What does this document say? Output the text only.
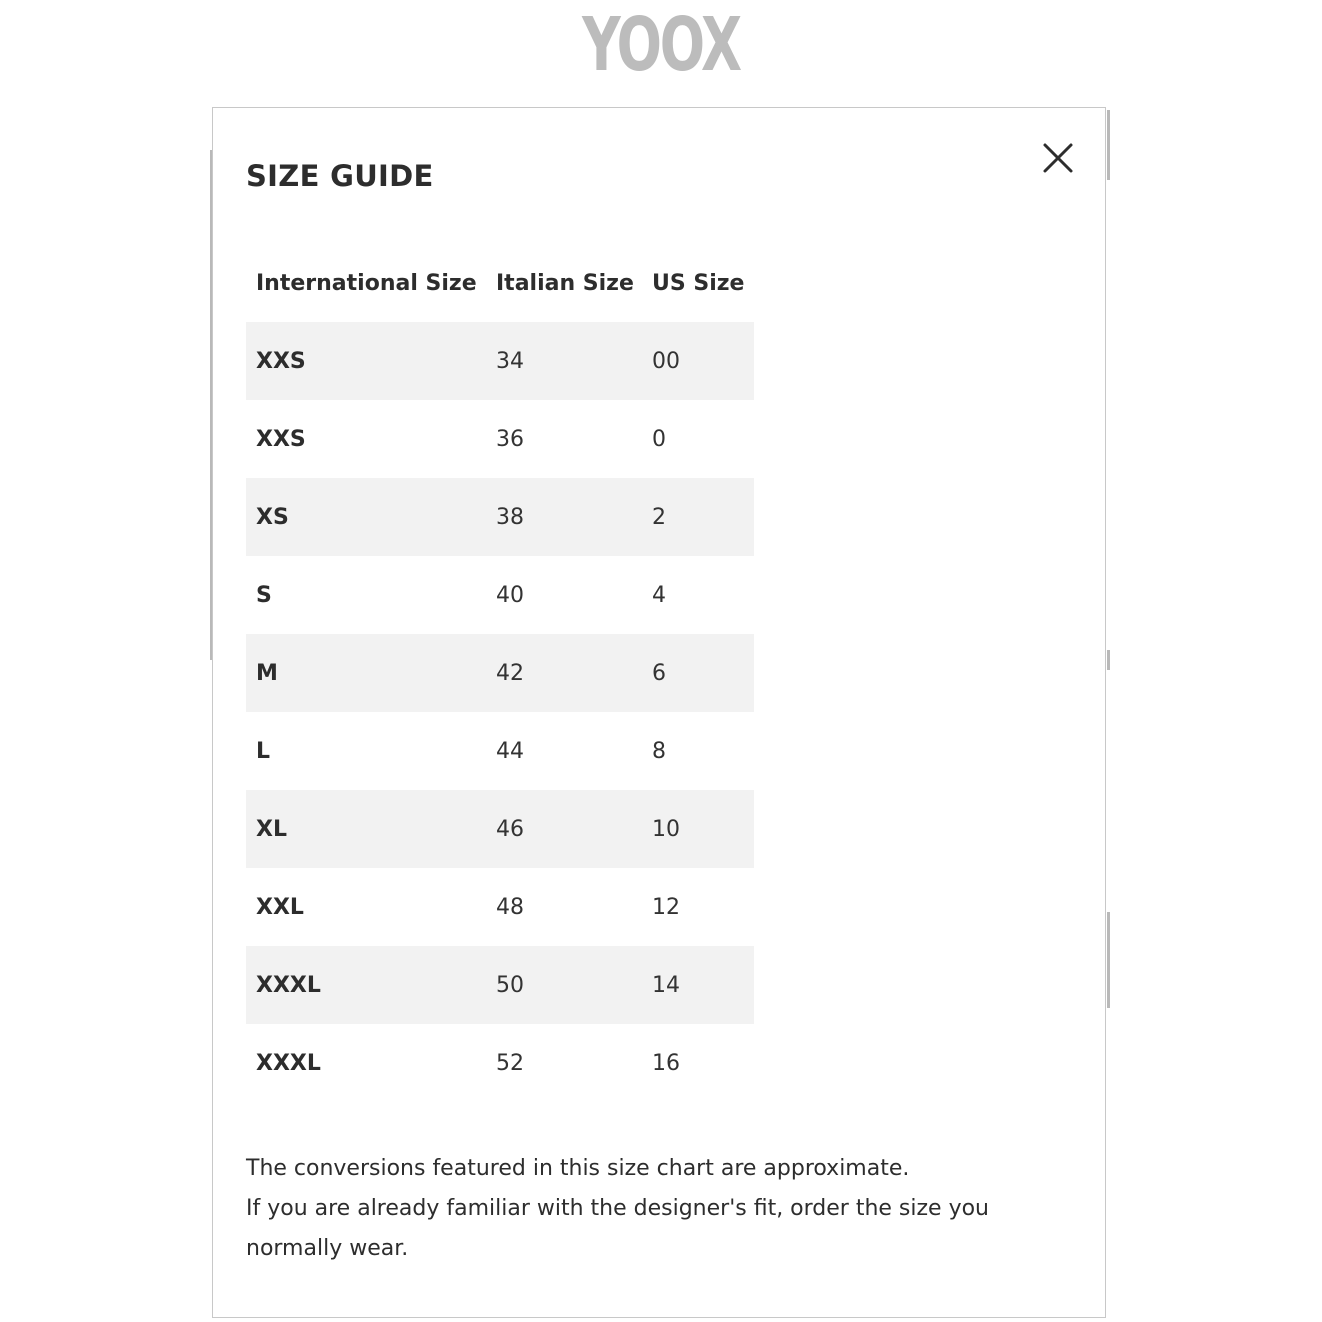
YOOX
SIZE GUIDE
International Size	Italian Size	US Size
XXS	34	00
XXS	36	0
XS	38	2
S	40	4
M	42	6
L	44	8
XL	46	10
XXL	48	12
XXXL	50	14
XXXL	52	16

The conversions featured in this size chart are approximate.

If you are already familiar with the designer's fit, order the size you normally wear.
